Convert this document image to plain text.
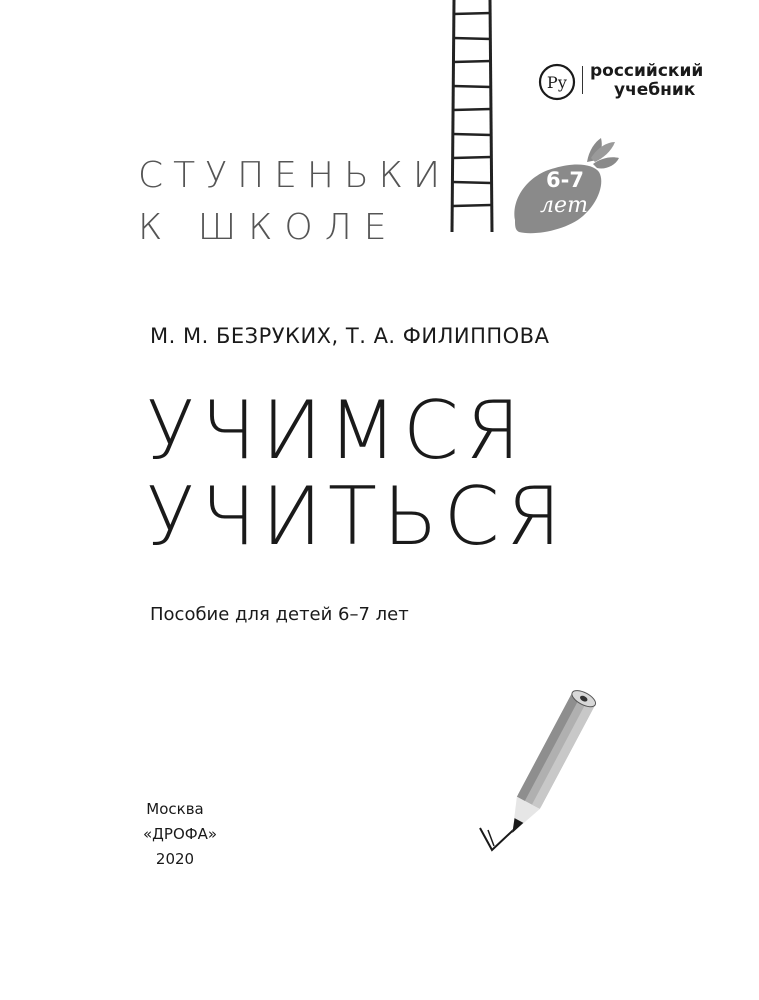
СТУПЕНЬКИ
К ШКОЛЕ
Ру
российский
учебник
6-7
лет
М. М. БЕЗРУКИХ, Т. А. ФИЛИППОВА
УЧИМСЯ
УЧИТЬСЯ
Пособие для детей 6–7 лет
Москва
«ДРОФА»
2020
